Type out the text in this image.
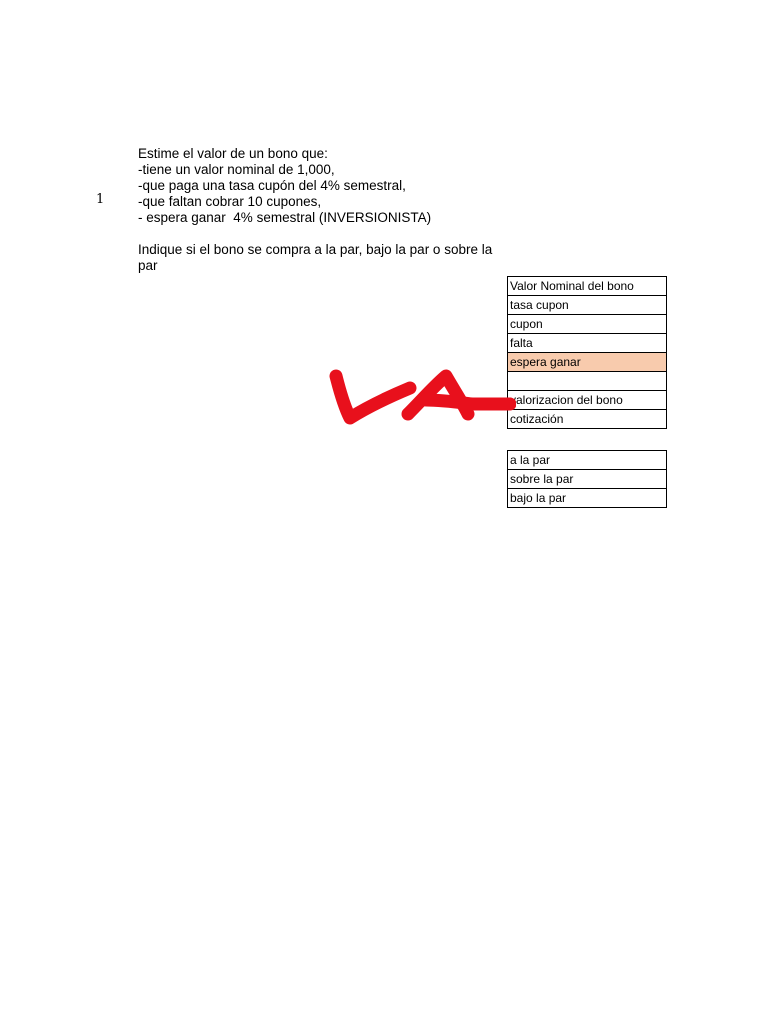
1
Estime el valor de un bono que:
-tiene un valor nominal de 1,000,
-que paga una tasa cupón del 4% semestral,
-que faltan cobrar 10 cupones,
- espera ganar  4% semestral (INVERSIONISTA)
Indique si el bono se compra a la par, bajo la par o sobre la par
Valor Nominal del bono
tasa cupon
cupon
falta
espera ganar

valorizacion del bono
cotización
a la par
sobre la par
bajo la par
